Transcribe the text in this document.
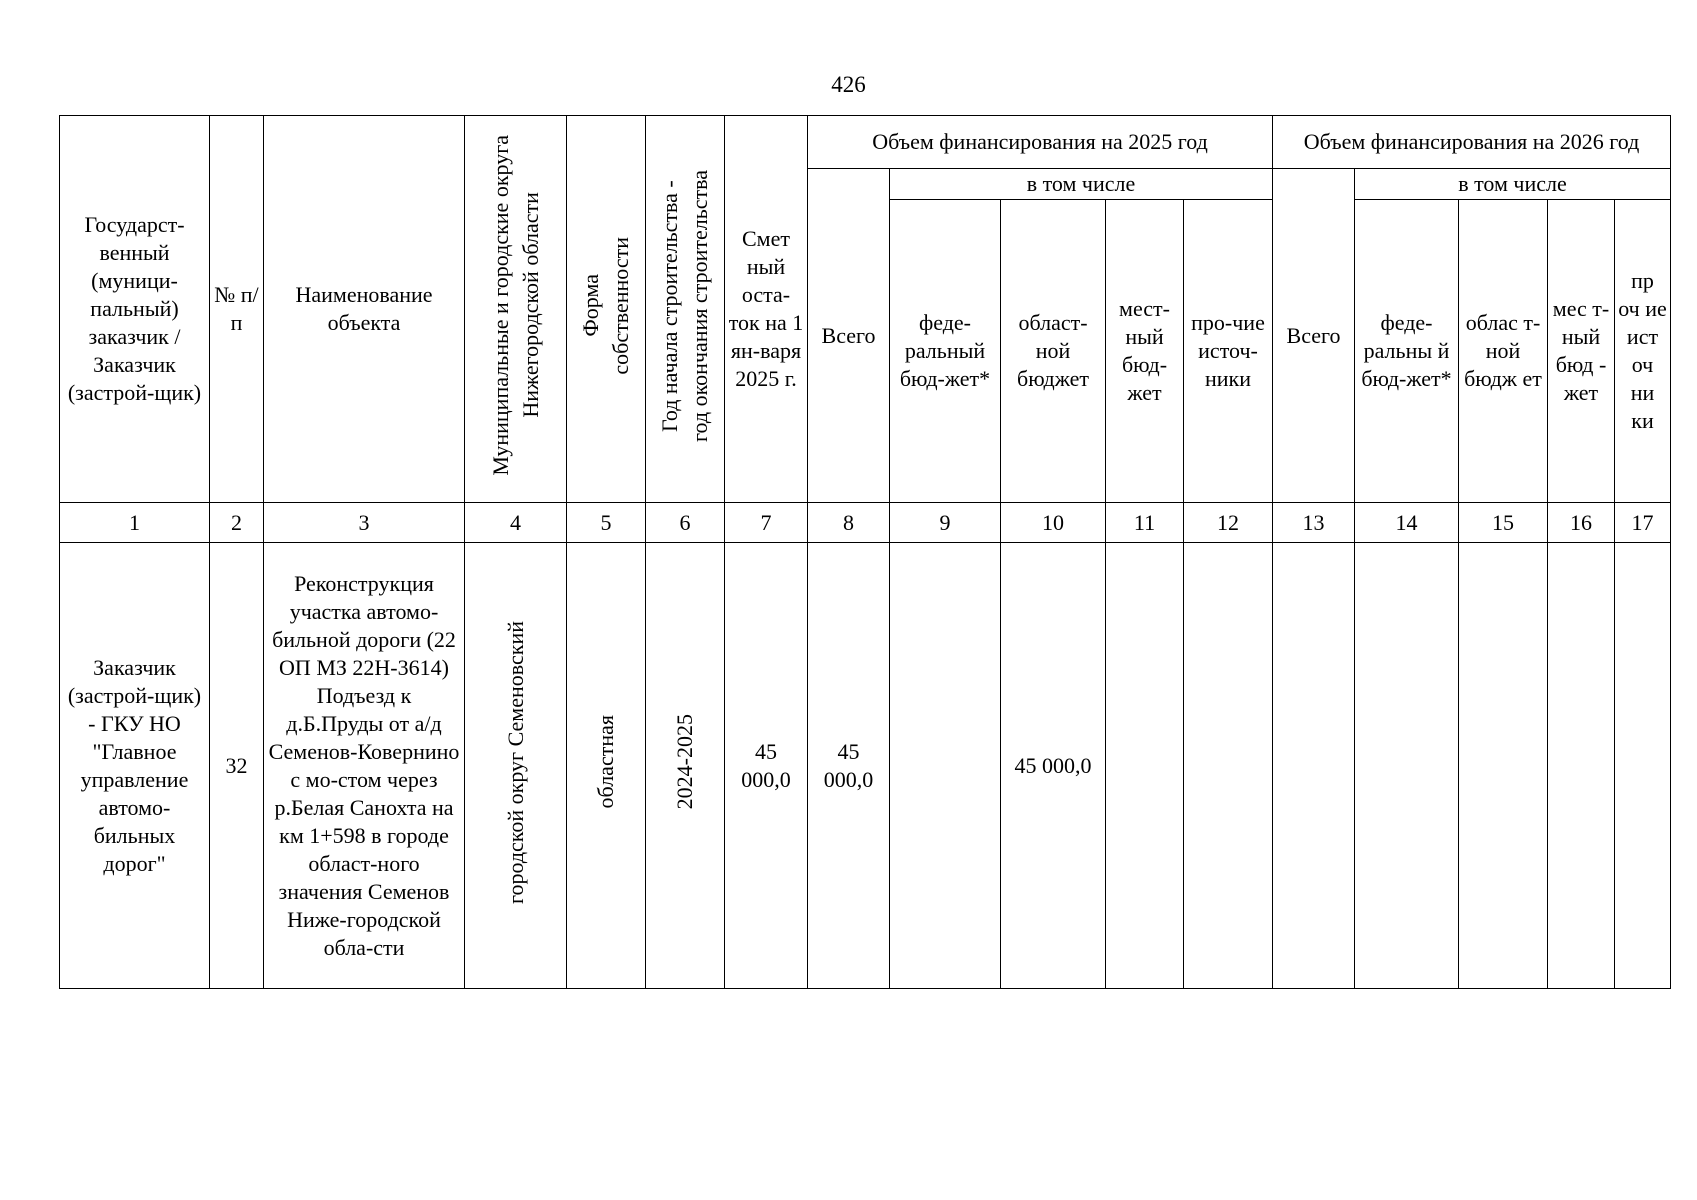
426
Государст-венный (муници-пальный) заказчик / Заказчик (застрой-щик)	№ п/п	Наименование объекта	Муниципальные и городские округа Нижегородской области	Форма собственности	Год начала строительства - год окончания строительства	Смет ный оста-ток на 1 ян-варя 2025 г.	Объем финансирования на 2025 год					Объем финансирования на 2026 год				
							Всего	в том числе				Всего	в том числе			
								феде-ральный бюд-жет*	област-ной бюджет	мест-ный бюд-жет	про-чие источ-ники		феде-ральны й бюд-жет*	облас т-ной бюдж ет	мес т-ный бюд - жет	пр оч ие ист оч ни ки
1	2	3	4	5	6	7	8	9	10	11	12	13	14	15	16	17
Заказчик (застрой-щик) - ГКУ НО "Главное управление автомо-бильных дорог"	32	Реконструкция участка автомо-бильной дороги (22 ОП МЗ 22Н-3614) Подъезд к д.Б.Пруды от а/д Семенов-Ковернино с мо-стом через р.Белая Санохта на км 1+598 в городе област-ного значения Семенов Ниже-городской обла-сти	городской округ Семеновский	областная	2024-2025	45 000,0	45 000,0		45 000,0							
